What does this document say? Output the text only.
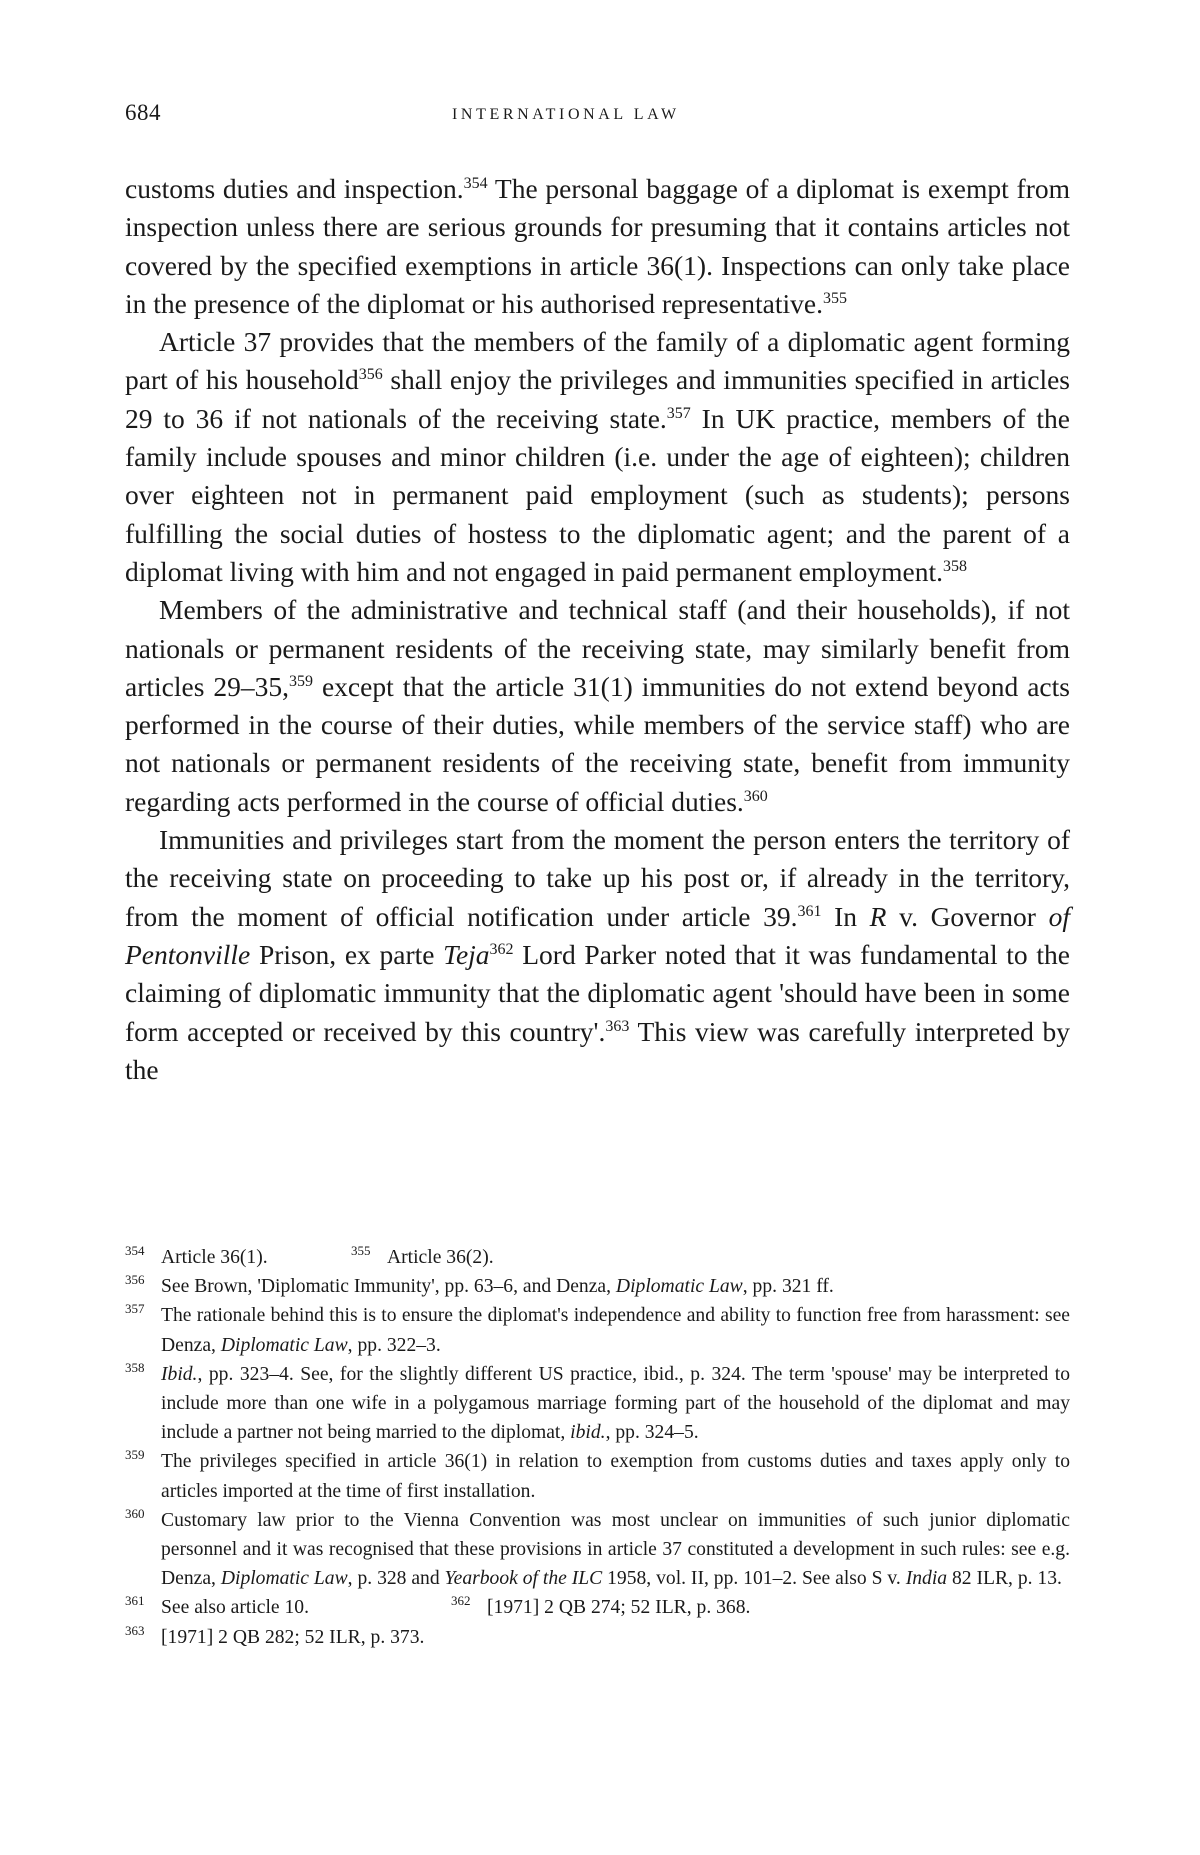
684	INTERNATIONAL LAW

customs duties and inspection.$^{354}$ The personal baggage of a diplomat is exempt from inspection unless there are serious grounds for presuming that it contains articles not covered by the specified exemptions in article 36(1). Inspections can only take place in the presence of the diplomat or his authorised representative.$^{355}$

Article 37 provides that the members of the family of a diplomatic agent forming part of his household$^{356}$ shall enjoy the privileges and immunities specified in articles 29 to 36 if not nationals of the receiving state.$^{357}$ In UK practice, members of the family include spouses and minor children (i.e. under the age of eighteen); children over eighteen not in permanent paid employment (such as students); persons fulfilling the social duties of hostess to the diplomatic agent; and the parent of a diplomat living with him and not engaged in paid permanent employment.$^{358}$

Members of the administrative and technical staff (and their households), if not nationals or permanent residents of the receiving state, may similarly benefit from articles 29–35,$^{359}$ except that the article 31(1) immunities do not extend beyond acts performed in the course of their duties, while members of the service staff) who are not nationals or permanent residents of the receiving state, benefit from immunity regarding acts performed in the course of official duties.$^{360}$

Immunities and privileges start from the moment the person enters the territory of the receiving state on proceeding to take up his post or, if already in the territory, from the moment of official notification under article 39.$^{361}$ In R v. Governor of Pentonville Prison, ex parte Teja$^{362}$ Lord Parker noted that it was fundamental to the claiming of diplomatic immunity that the diplomatic agent 'should have been in some form accepted or received by this country'.$^{363}$ This view was carefully interpreted by the

354 Article 36(1).	355 Article 36(2).
356 See Brown, 'Diplomatic Immunity', pp. 63–6, and Denza, Diplomatic Law, pp. 321 ff.
357 The rationale behind this is to ensure the diplomat's independence and ability to function free from harassment: see Denza, Diplomatic Law, pp. 322–3.
358 Ibid., pp. 323–4. See, for the slightly different US practice, ibid., p. 324. The term 'spouse' may be interpreted to include more than one wife in a polygamous marriage forming part of the household of the diplomat and may include a partner not being married to the diplomat, ibid., pp. 324–5.
359 The privileges specified in article 36(1) in relation to exemption from customs duties and taxes apply only to articles imported at the time of first installation.
360 Customary law prior to the Vienna Convention was most unclear on immunities of such junior diplomatic personnel and it was recognised that these provisions in article 37 constituted a development in such rules: see e.g. Denza, Diplomatic Law, p. 328 and Yearbook of the ILC 1958, vol. II, pp. 101–2. See also S v. India 82 ILR, p. 13.
361 See also article 10.	362 [1971] 2 QB 274; 52 ILR, p. 368.
363 [1971] 2 QB 282; 52 ILR, p. 373.
